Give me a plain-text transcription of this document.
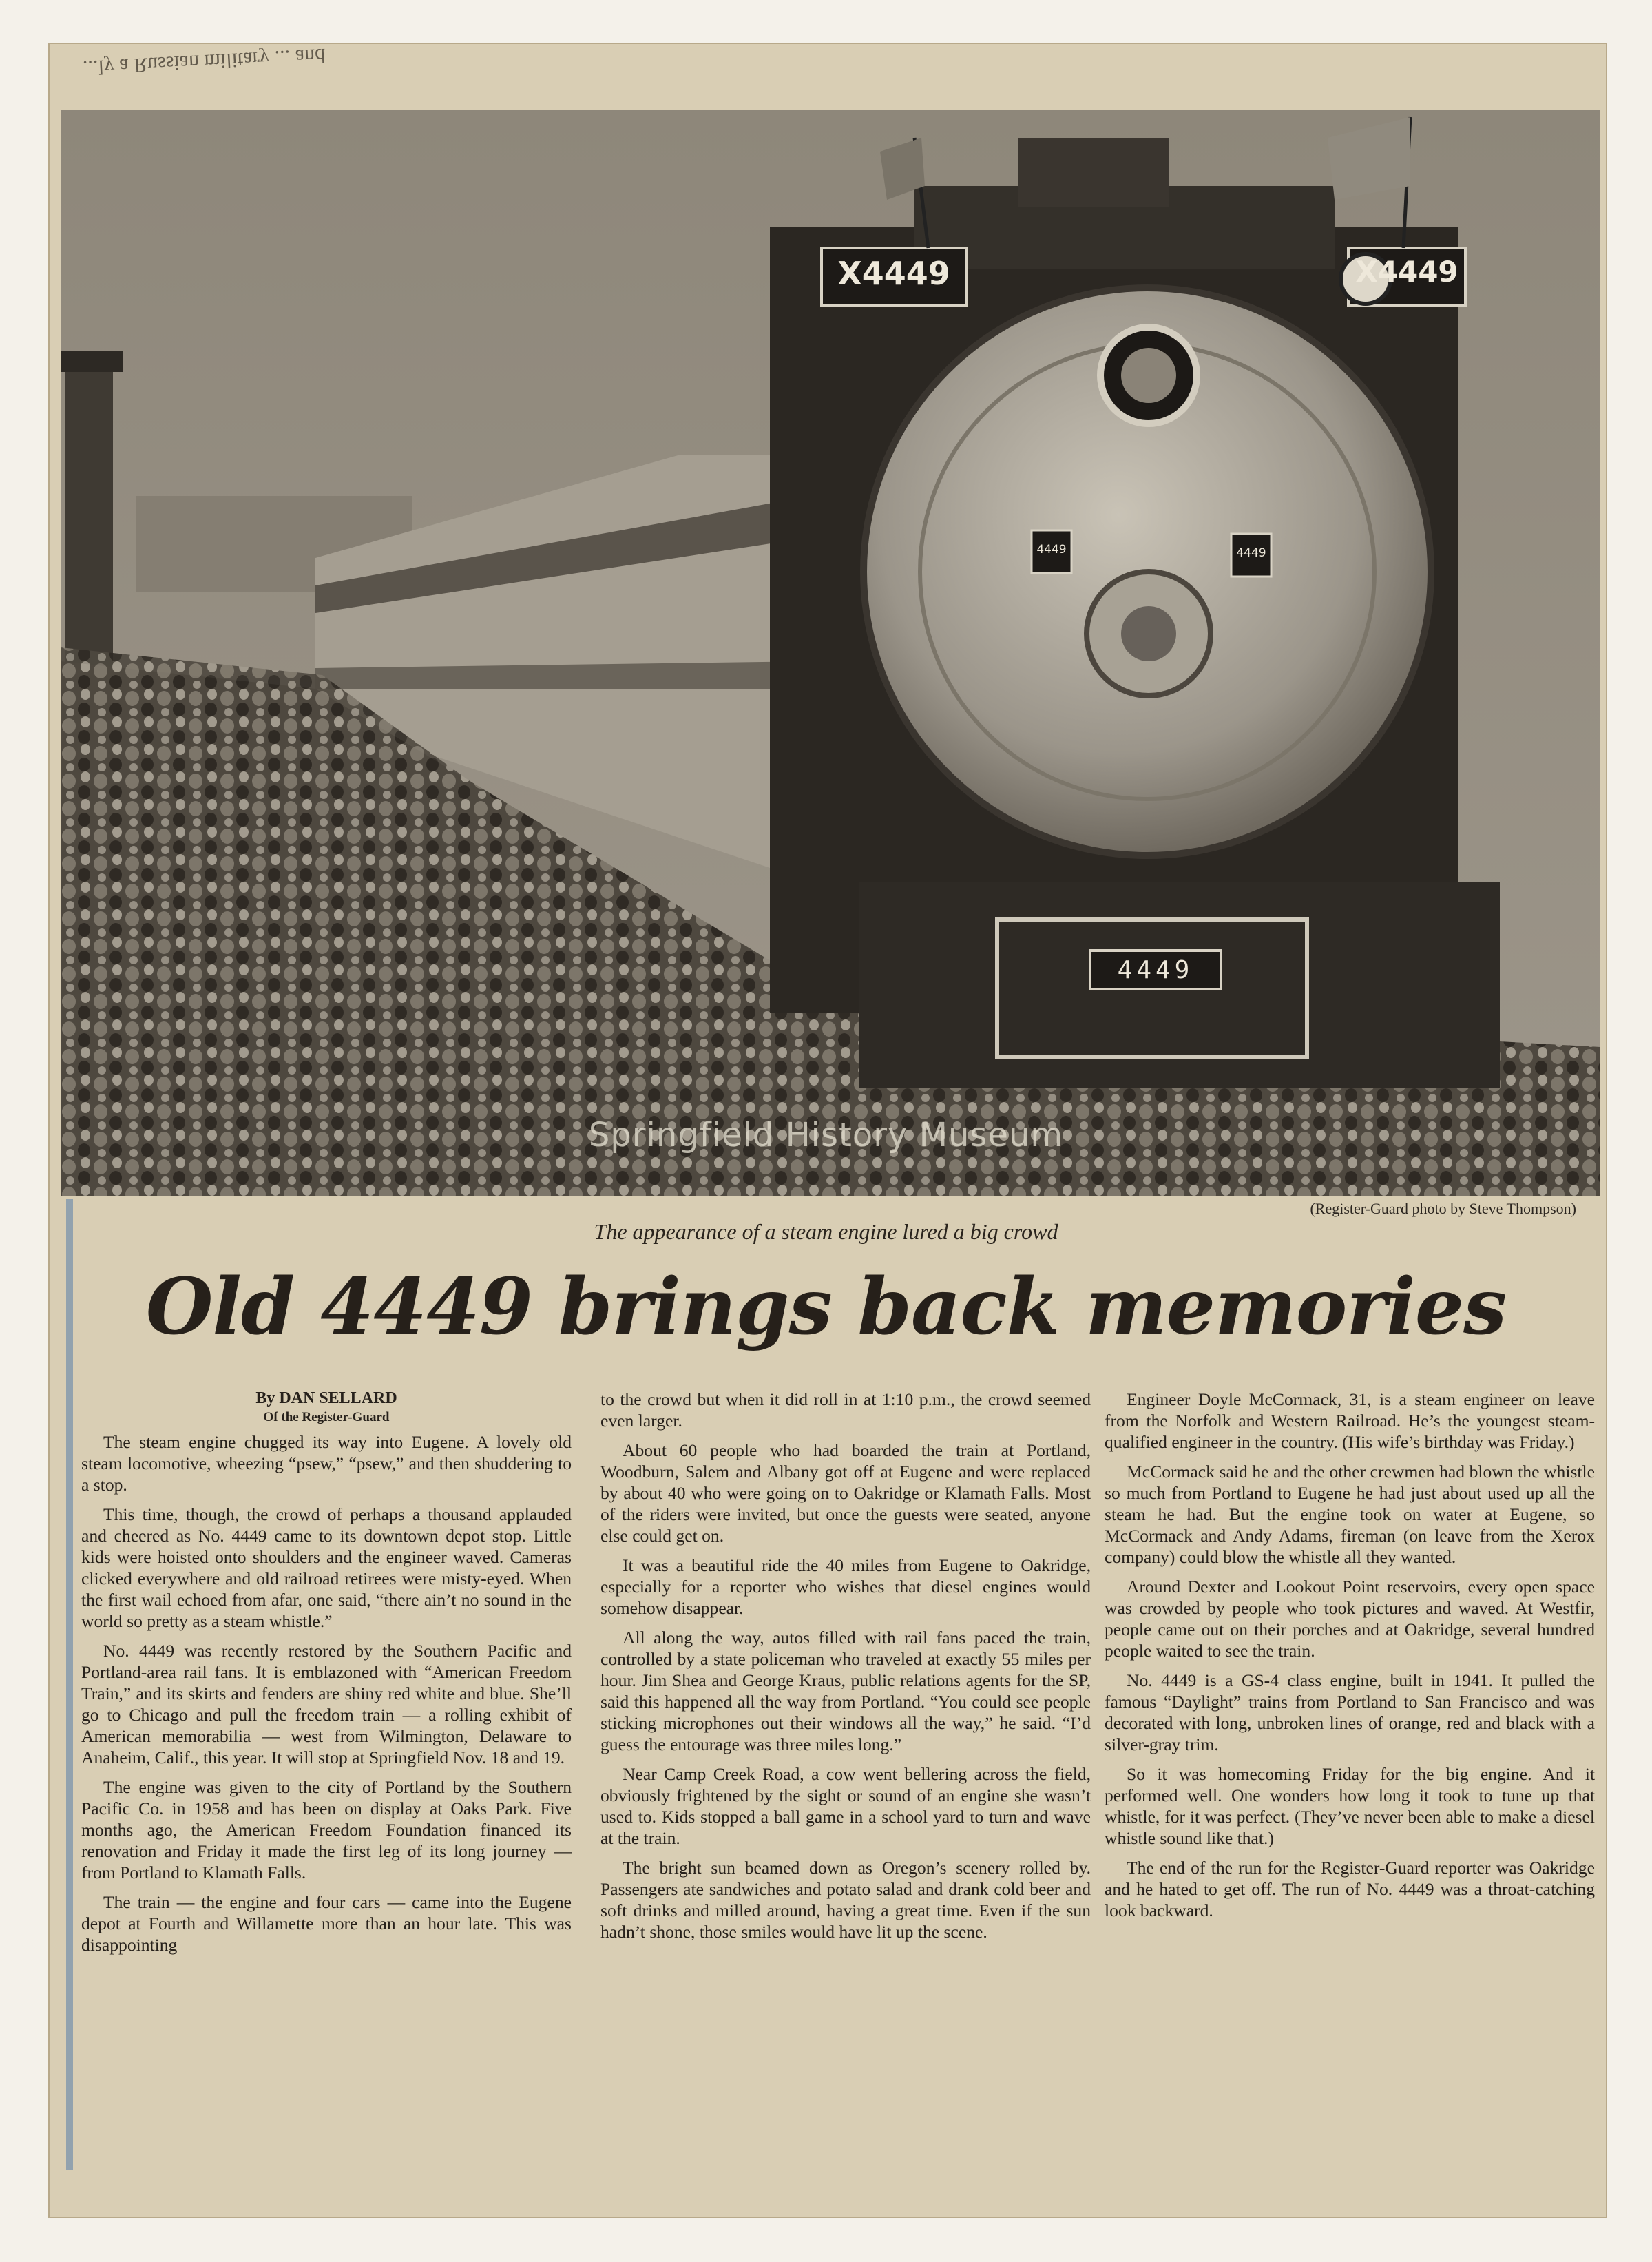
...ly a Russian military ... and
X4449	X4449
4449	4449
4449
Springfield History Museum
(Register-Guard photo by Steve Thompson)
The appearance of a steam engine lured a big crowd
Old 4449 brings back memories
By DAN SELLARD
Of the Register-Guard

The steam engine chugged its way into Eugene. A lovely old steam locomotive, wheezing “psew,” “psew,” and then shuddering to a stop.

This time, though, the crowd of perhaps a thousand applauded and cheered as No. 4449 came to its downtown depot stop. Little kids were hoisted onto shoulders and the engineer waved. Cameras clicked everywhere and old railroad retirees were misty-eyed. When the first wail echoed from afar, one said, “there ain’t no sound in the world so pretty as a steam whistle.”

No. 4449 was recently restored by the Southern Pacific and Portland-area rail fans. It is emblazoned with “American Freedom Train,” and its skirts and fenders are shiny red white and blue. She’ll go to Chicago and pull the freedom train — a rolling exhibit of American memorabilia — west from Wilmington, Delaware to Anaheim, Calif., this year. It will stop at Springfield Nov. 18 and 19.

The engine was given to the city of Portland by the Southern Pacific Co. in 1958 and has been on display at Oaks Park. Five months ago, the American Freedom Foundation financed its renovation and Friday it made the first leg of its long journey — from Portland to Klamath Falls.

The train — the engine and four cars — came into the Eugene depot at Fourth and Willamette more than an hour late. This was disappointing

to the crowd but when it did roll in at 1:10 p.m., the crowd seemed even larger.

About 60 people who had boarded the train at Portland, Woodburn, Salem and Albany got off at Eugene and were replaced by about 40 who were going on to Oakridge or Klamath Falls. Most of the riders were invited, but once the guests were seated, anyone else could get on.

It was a beautiful ride the 40 miles from Eugene to Oakridge, especially for a reporter who wishes that diesel engines would somehow disappear.

All along the way, autos filled with rail fans paced the train, controlled by a state policeman who traveled at exactly 55 miles per hour. Jim Shea and George Kraus, public relations agents for the SP, said this happened all the way from Portland. “You could see people sticking microphones out their windows all the way,” he said. “I’d guess the entourage was three miles long.”

Near Camp Creek Road, a cow went bellering across the field, obviously frightened by the sight or sound of an engine she wasn’t used to. Kids stopped a ball game in a school yard to turn and wave at the train.

The bright sun beamed down as Oregon’s scenery rolled by. Passengers ate sandwiches and potato salad and drank cold beer and soft drinks and milled around, having a great time. Even if the sun hadn’t shone, those smiles would have lit up the scene.

Engineer Doyle McCormack, 31, is a steam engineer on leave from the Norfolk and Western Railroad. He’s the youngest steam-qualified engineer in the country. (His wife’s birthday was Friday.)

McCormack said he and the other crewmen had blown the whistle so much from Portland to Eugene he had just about used up all the steam he had. But the engine took on water at Eugene, so McCormack and Andy Adams, fireman (on leave from the Xerox company) could blow the whistle all they wanted.

Around Dexter and Lookout Point reservoirs, every open space was crowded by people who took pictures and waved. At Westfir, people came out on their porches and at Oakridge, several hundred people waited to see the train.

No. 4449 is a GS-4 class engine, built in 1941. It pulled the famous “Daylight” trains from Portland to San Francisco and was decorated with long, unbroken lines of orange, red and black with a silver-gray trim.

So it was homecoming Friday for the big engine. And it performed well. One wonders how long it took to tune up that whistle, for it was perfect. (They’ve never been able to make a diesel whistle sound like that.)

The end of the run for the Register-Guard reporter was Oakridge and he hated to get off. The run of No. 4449 was a throat-catching look backward.
